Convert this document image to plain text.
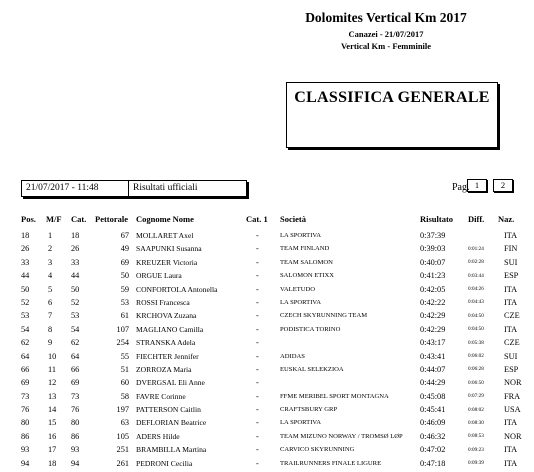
Dolomites Vertical Km 2017
Canazei - 21/07/2017
Vertical Km - Femminile
CLASSIFICA GENERALE
21/07/2017 - 11:48	Risultati ufficiali	Pag. 1	2
Pos. M/F Cat. Pettorale Cognome Nome	Cat. 1 Società	Risultato Diff. Naz.
18 1 18	67 MOLLARET Axel	-	LA SPORTIVA	0:37:39	ITA
26 2 26	49 SAAPUNKI Susanna	-	TEAM FINLAND	0:39:03	0:01:24 FIN
33 3 33	69 KREUZER Victoria	-	TEAM SALOMON	0:40:07	0:02:28 SUI
44 4 44	50 ORGUE Laura	-	SALOMON ETIXX	0:41:23	0:03:44 ESP
50 5 50	59 CONFORTOLA Antonella	-	VALETUDO	0:42:05	0:04:26 ITA
52 6 52	53 ROSSI Francesca	-	LA SPORTIVA	0:42:22	0:04:43 ITA
53 7 53	61 KRCHOVA Zuzana	-	CZECH SKYRUNNING TEAM	0:42:29	0:04:50 CZE
54 8 54	107 MAGLIANO Camilla	-	PODISTICA TORINO	0:42:29	0:04:50 ITA
62 9 62	254 STRANSKA Adela	-	0:43:17	0:05:38 CZE
64 10 64	55 FIECHTER Jennifer	-	ADIDAS	0:43:41	0:06:02 SUI
66 11 66	51 ZORROZA Maria	-	EUSKAL SELEKZIOA	0:44:07	0:06:28 ESP
69 12 69	60 DVERGSAL Eli Anne	-	0:44:29	0:06:50 NOR
73 13 73	58 FAVRE Corinne	-	FFME MERIBEL SPORT MONTAGNA	0:45:08	0:07:29 FRA
76 14 76	197 PATTERSON Caitlin	-	CRAFTSBURY GRP	0:45:41	0:08:02 USA
80 15 80	63 DEFLORIAN Beatrice	-	LA SPORTIVA	0:46:09	0:08:30 ITA
86 16 86	105 ADERS Hilde	-	TEAM MIZUNO NORWAY / TROMSØ LØP 0:46:32	0:08:53 NOR
93 17 93	251 BRAMBILLA Martina	-	CARVICO SKYRUNNING	0:47:02	0:09:23 ITA
94 18 94	261 PEDRONI Cecilia	-	TRAILRUNNERS FINALE LIGURE	0:47:18	0:09:39 ITA
